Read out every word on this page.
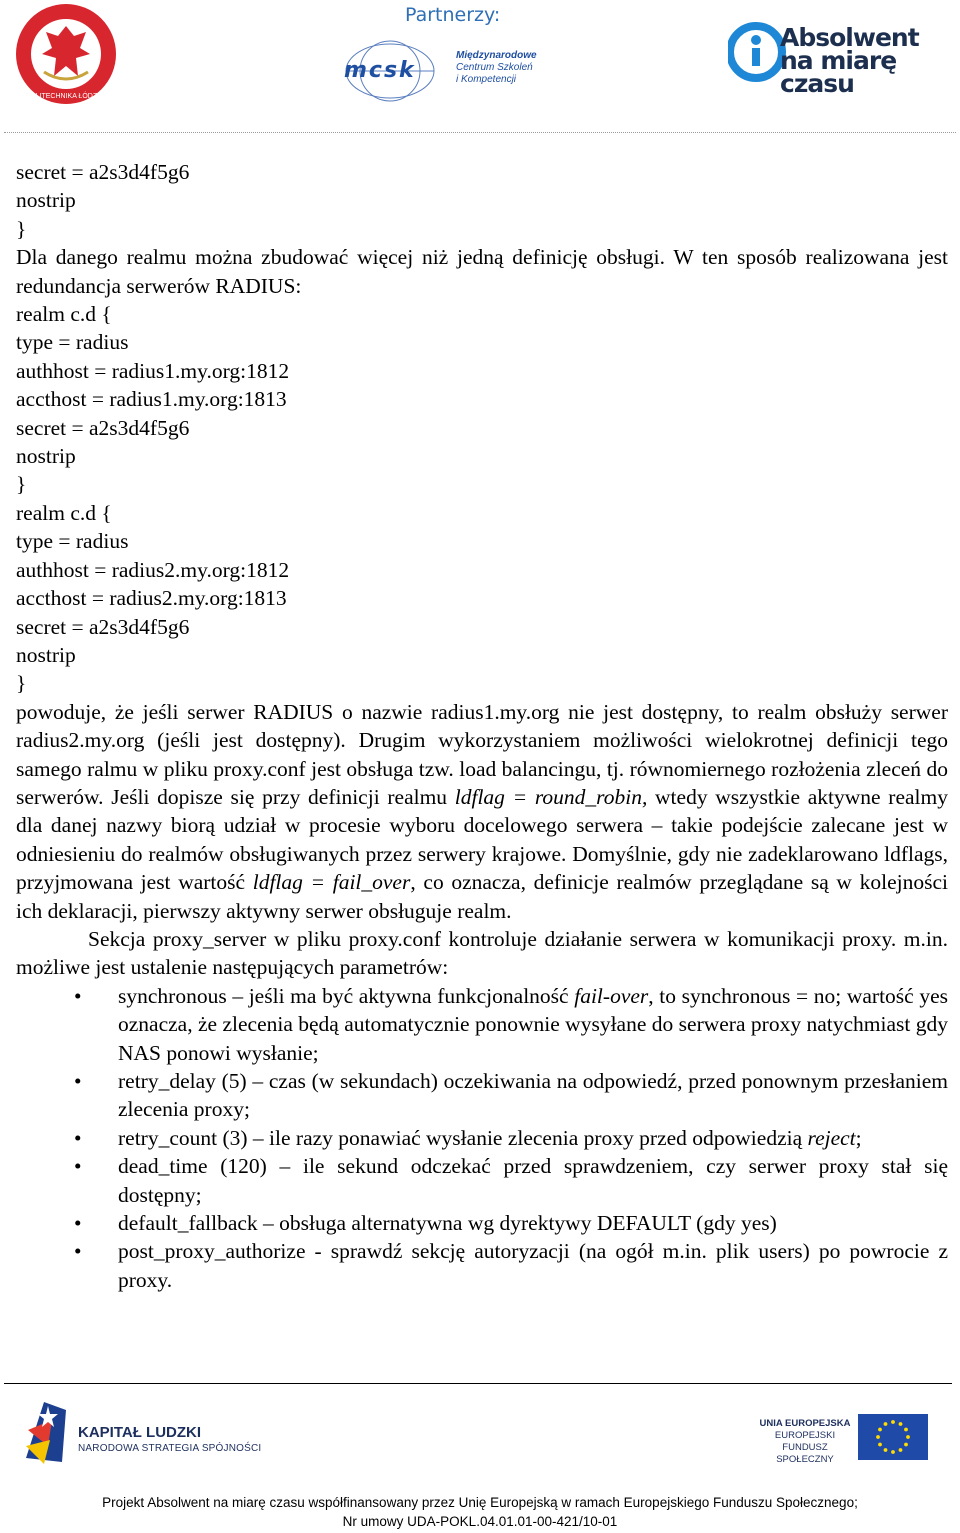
Partnerzy:
POLITECHNIKA ŁÓDZKA
mcsk
Międzynarodowe
Centrum Szkoleń
i Kompetencji
Absolwent
na miarę
czasu
secret = a2s3d4f5g6
nostrip
}

Dla danego realmu można zbudować więcej niż jedną definicję obsługi. W ten sposób realizowana jest redundancja serwerów RADIUS:

realm c.d {
type = radius
authhost = radius1.my.org:1812
accthost = radius1.my.org:1813
secret = a2s3d4f5g6
nostrip
}
realm c.d {
type = radius
authhost = radius2.my.org:1812
accthost = radius2.my.org:1813
secret = a2s3d4f5g6
nostrip
}

powoduje, że jeśli serwer RADIUS o nazwie radius1.my.org nie jest dostępny, to realm obsłuży serwer radius2.my.org (jeśli jest dostępny). Drugim wykorzystaniem możliwości wielokrotnej definicji tego samego ralmu w pliku proxy.conf jest obsługa tzw. load balancingu, tj. równomiernego rozłożenia zleceń do serwerów. Jeśli dopisze się przy definicji realmu ldflag = round_robin, wtedy wszystkie aktywne realmy dla danej nazwy biorą udział w procesie wyboru docelowego serwera – takie podejście zalecane jest w odniesieniu do realmów obsługiwanych przez serwery krajowe. Domyślnie, gdy nie zadeklarowano ldflags, przyjmowana jest wartość ldflag = fail_over, co oznacza, definicje realmów przeglądane są w kolejności ich deklaracji, pierwszy aktywny serwer obsługuje realm.

Sekcja proxy_server w pliku proxy.conf kontroluje działanie serwera w komunikacji proxy. m.in. możliwe jest ustalenie następujących parametrów:

• synchronous – jeśli ma być aktywna funkcjonalność fail-over, to synchronous = no; wartość yes oznacza, że zlecenia będą automatycznie ponownie wysyłane do serwera proxy natychmiast gdy NAS ponowi wysłanie;
• retry_delay (5) – czas (w sekundach) oczekiwania na odpowiedź, przed ponownym przesłaniem zlecenia proxy;
• retry_count (3) – ile razy ponawiać wysłanie zlecenia proxy przed odpowiedzią reject;
• dead_time (120) – ile sekund odczekać przed sprawdzeniem, czy serwer proxy stał się dostępny;
• default_fallback – obsługa alternatywna wg dyrektywy DEFAULT (gdy yes)
• post_proxy_authorize - sprawdź sekcję autoryzacji (na ogół m.in. plik users) po powrocie z proxy.
KAPITAŁ LUDZKI
NARODOWA STRATEGIA SPÓJNOŚCI
UNIA EUROPEJSKA
EUROPEJSKI
FUNDUSZ SPOŁECZNY
Projekt Absolwent na miarę czasu współfinansowany przez Unię Europejską w ramach Europejskiego Funduszu Społecznego;
Nr umowy UDA-POKL.04.01.01-00-421/10-01
